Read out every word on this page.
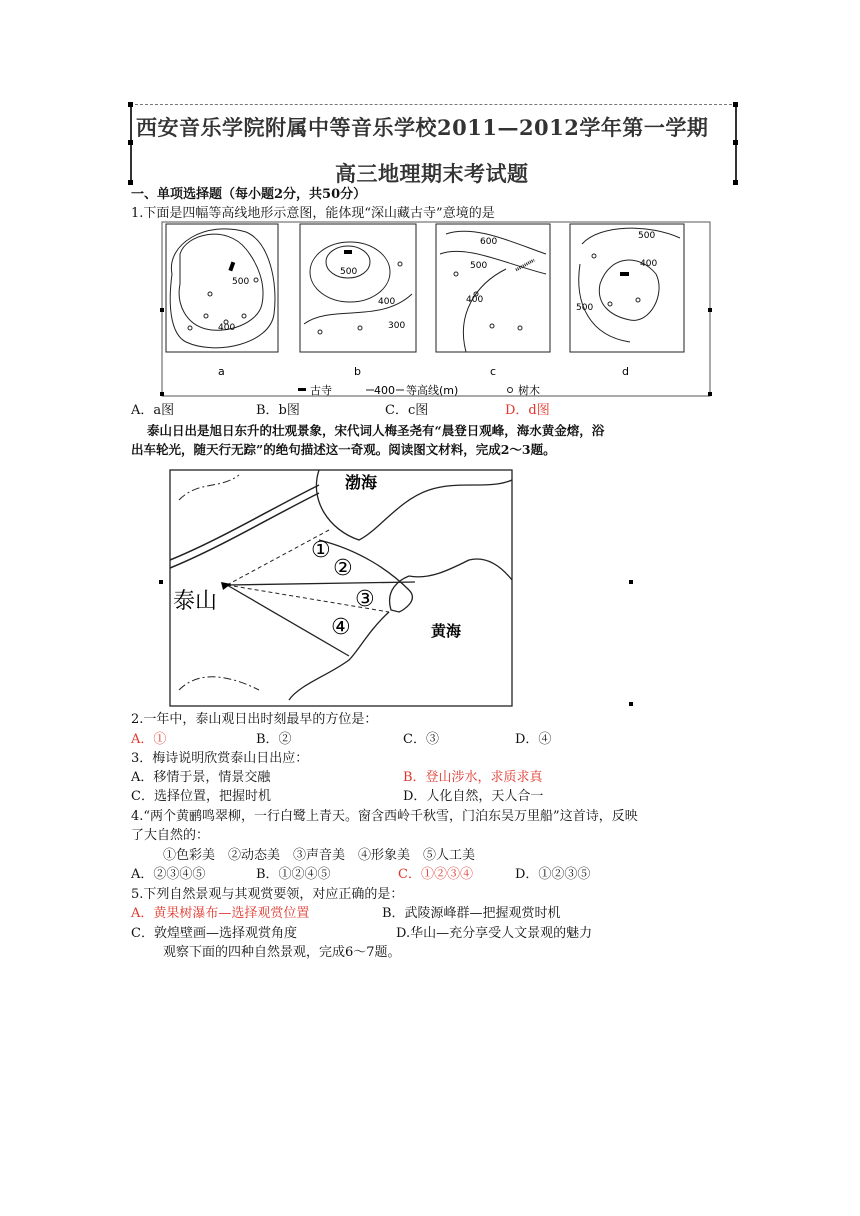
西安音乐学院附属中等音乐学校2011—2012学年第一学期
高三地理期末考试题
一、单项选择题（每小题2分，共50分）
1.下面是四幅等高线地形示意图，能体现“深山藏古寺”意境的是
500
400
a
500
400
300
b
600
500
400
c
500
400
500
d
古寺	400 等高线(m)	树木
A．a图	B．b图	C．c图	D．d图
泰山日出是旭日东升的壮观景象，宋代词人梅圣尧有“晨登日观峰，海水黄金熔，浴
出车轮光，随天行无踪”的绝句描述这一奇观。阅读图文材料，完成2～3题。
渤海
黄海
泰山
①
②
③
④
2.一年中，泰山观日出时刻最早的方位是：
A．①	B．②	C．③	D．④
3．梅诗说明欣赏泰山日出应：
A．移情于景，情景交融	B．登山涉水，求质求真
C．选择位置，把握时机	D．人化自然，天人合一
4.“两个黄鹂鸣翠柳，一行白鹭上青天。窗含西岭千秋雪，门泊东吴万里船”这首诗，反映
了大自然的：
①色彩美　②动态美　③声音美　④形象美　⑤人工美
A．②③④⑤	B．①②④⑤	C．①②③④	D．①②③⑤
5.下列自然景观与其观赏要领，对应正确的是：
A．黄果树瀑布—选择观赏位置	B．武陵源峰群—把握观赏时机
C．敦煌壁画—选择观赏角度	D.华山—充分享受人文景观的魅力
观察下面的四种自然景观，完成6～7题。
